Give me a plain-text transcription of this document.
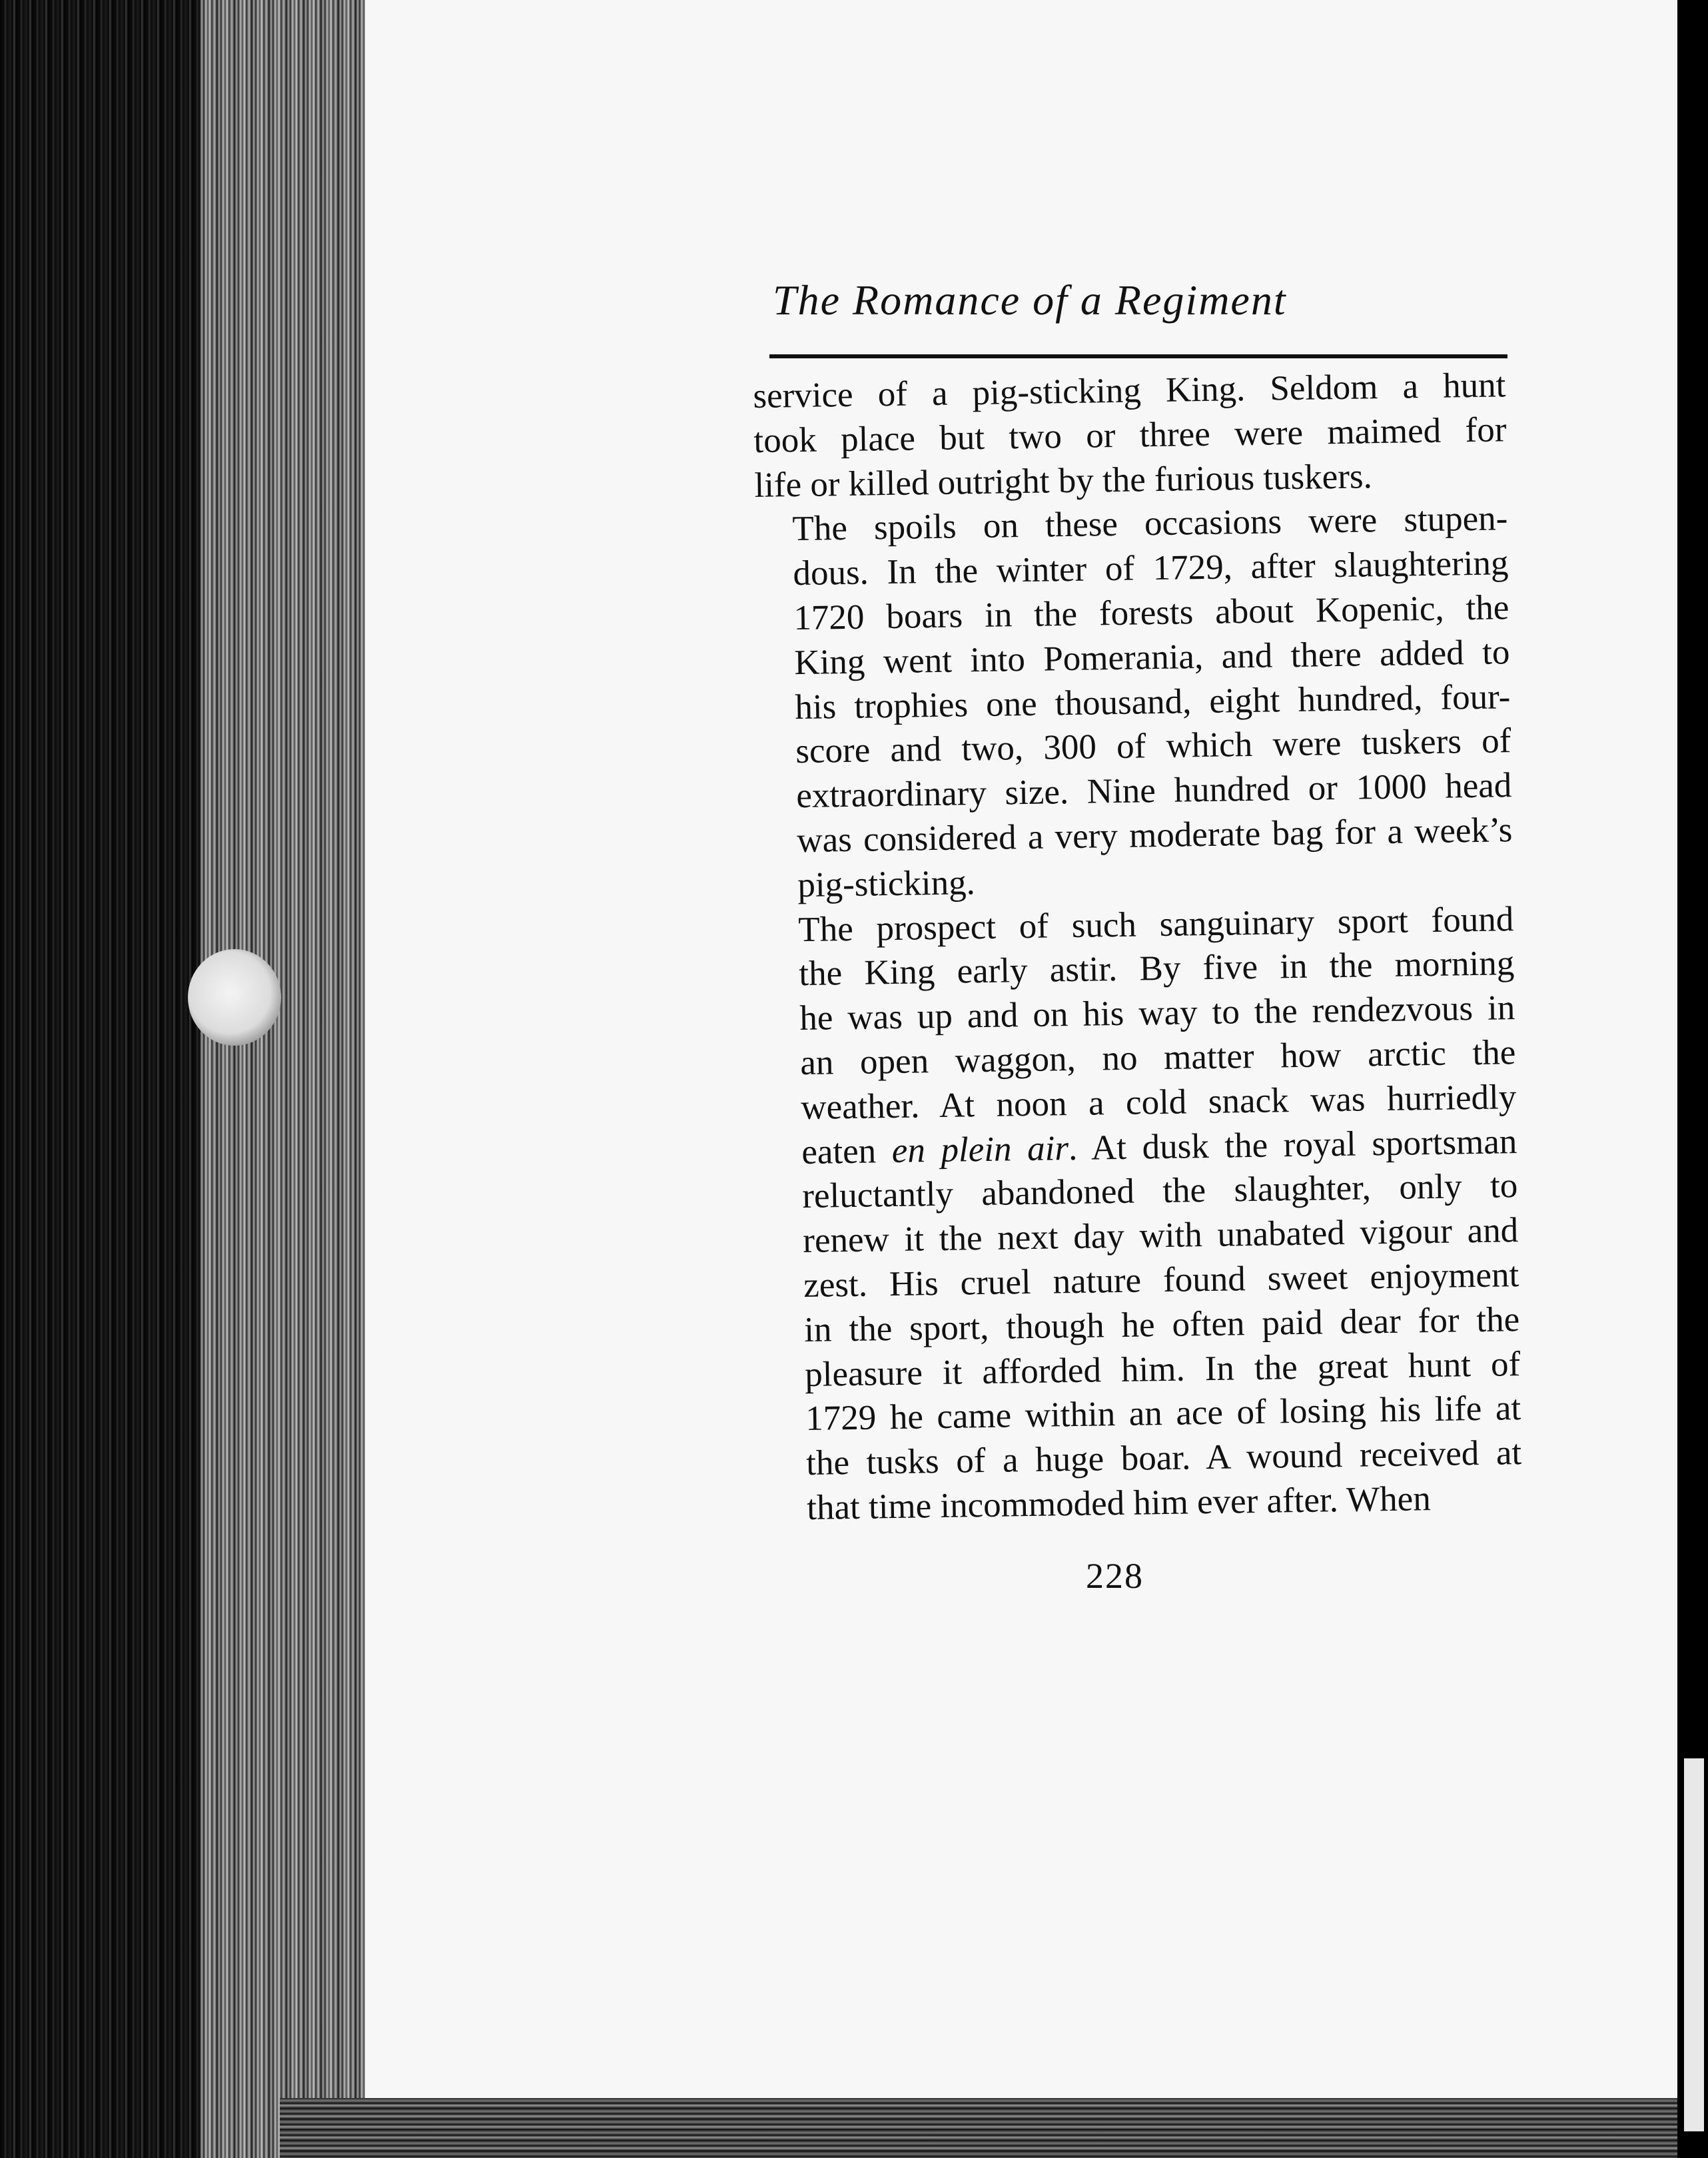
The Romance of a Regiment

service of a pig-sticking King. Seldom a hunt
took place but two or three were maimed for
life or killed outright by the furious tuskers.

The spoils on these occasions were stupen-
dous. In the winter of 1729, after slaughtering
1720 boars in the forests about Kopenic, the
King went into Pomerania, and there added to
his trophies one thousand, eight hundred, four-
score and two, 300 of which were tuskers of
extraordinary size. Nine hundred or 1000 head
was considered a very moderate bag for a week’s
pig-sticking.

The prospect of such sanguinary sport found
the King early astir. By five in the morning
he was up and on his way to the rendezvous in
an open waggon, no matter how arctic the
weather. At noon a cold snack was hurriedly
eaten en plein air. At dusk the royal sportsman
reluctantly abandoned the slaughter, only to
renew it the next day with unabated vigour and
zest. His cruel nature found sweet enjoyment
in the sport, though he often paid dear for the
pleasure it afforded him. In the great hunt of
1729 he came within an ace of losing his life at
the tusks of a huge boar. A wound received at
that time incommoded him ever after. When

228
